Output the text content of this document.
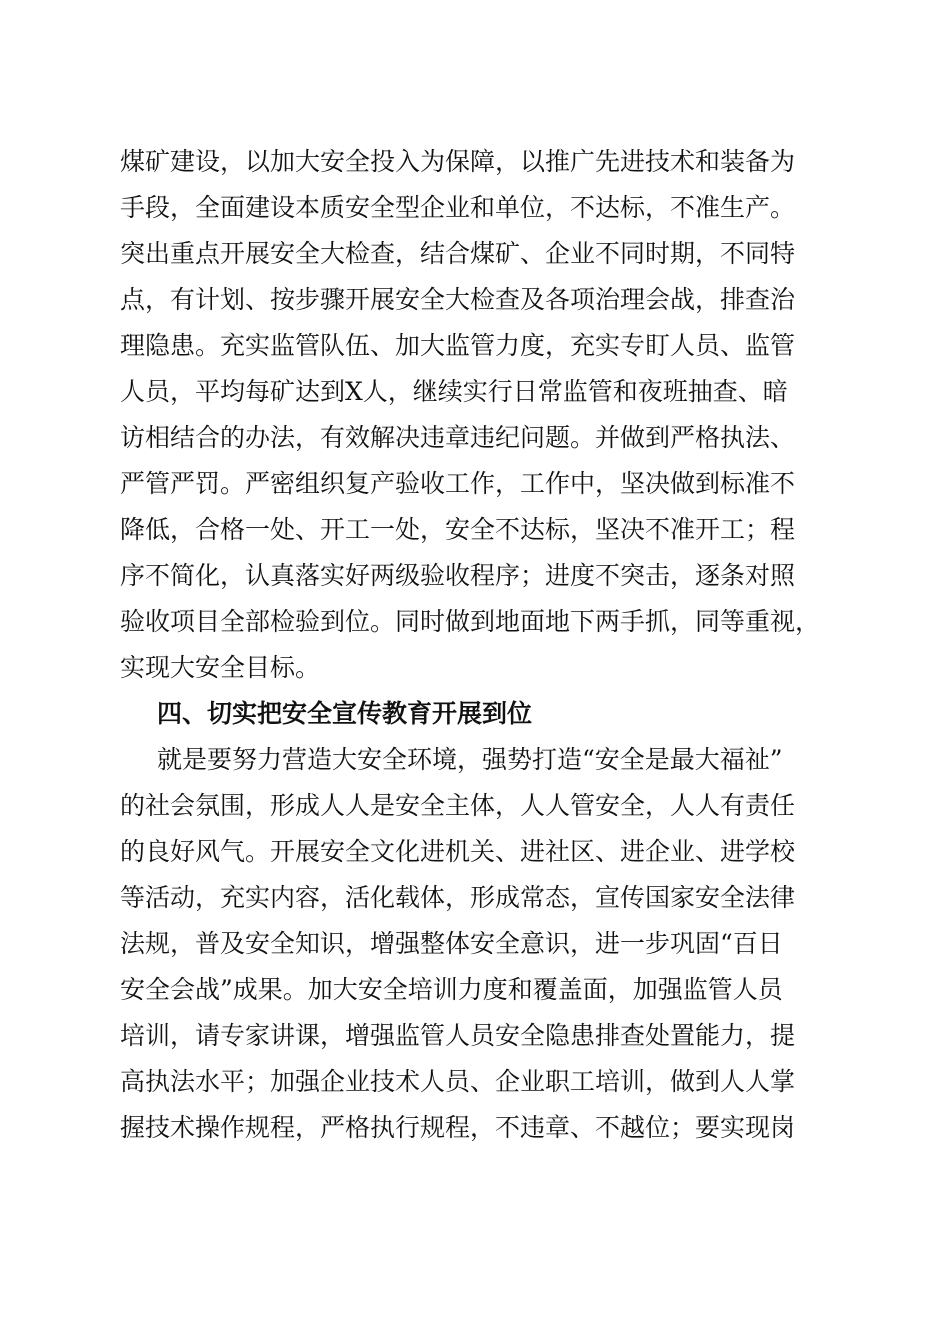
煤矿建设，以加大安全投入为保障，以推广先进技术和装备为
手段，全面建设本质安全型企业和单位，不达标，不准生产。
突出重点开展安全大检查，结合煤矿、企业不同时期，不同特
点，有计划、按步骤开展安全大检查及各项治理会战，排查治
理隐患。充实监管队伍、加大监管力度，充实专盯人员、监管
人员，平均每矿达到X人，继续实行日常监管和夜班抽查、暗
访相结合的办法，有效解决违章违纪问题。并做到严格执法、
严管严罚。严密组织复产验收工作，工作中，坚决做到标准不
降低，合格一处、开工一处，安全不达标，坚决不准开工；程
序不简化，认真落实好两级验收程序；进度不突击，逐条对照
验收项目全部检验到位。同时做到地面地下两手抓，同等重视，
实现大安全目标。
四、切实把安全宣传教育开展到位
就是要努力营造大安全环境，强势打造“安全是最大福祉”
的社会氛围，形成人人是安全主体，人人管安全，人人有责任
的良好风气。开展安全文化进机关、进社区、进企业、进学校
等活动，充实内容，活化载体，形成常态，宣传国家安全法律
法规，普及安全知识，增强整体安全意识，进一步巩固“百日
安全会战”成果。加大安全培训力度和覆盖面，加强监管人员
培训，请专家讲课，增强监管人员安全隐患排查处置能力，提
高执法水平；加强企业技术人员、企业职工培训，做到人人掌
握技术操作规程，严格执行规程，不违章、不越位；要实现岗
